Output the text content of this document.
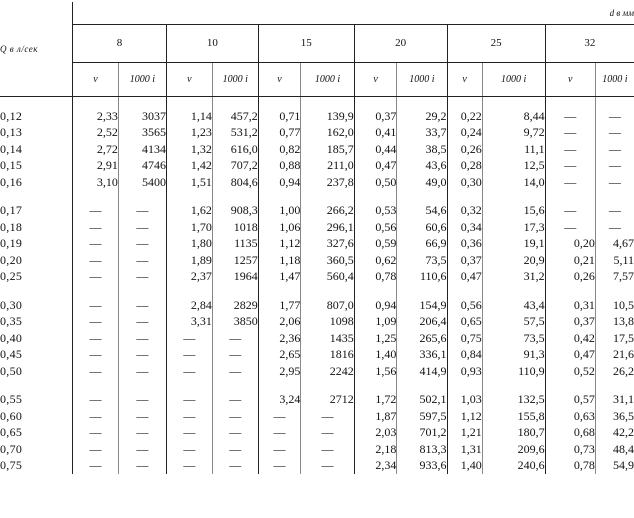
Q в л/сек	d в мм											
	8		10		15		20		25		32	
	v	1000 i	v	1000 i	v	1000 i	v	1000 i	v	1000 i	v	1000 i

0,12	2,33	3037	1,14	457,2	0,71	139,9	0,37	29,2	0,22	8,44	—	—
0,13	2,52	3565	1,23	531,2	0,77	162,0	0,41	33,7	0,24	9,72	—	—
0,14	2,72	4134	1,32	616,0	0,82	185,7	0,44	38,5	0,26	11,1	—	—
0,15	2,91	4746	1,42	707,2	0,88	211,0	0,47	43,6	0,28	12,5	—	—
0,16	3,10	5400	1,51	804,6	0,94	237,8	0,50	49,0	0,30	14,0	—	—

0,17	—	—	1,62	908,3	1,00	266,2	0,53	54,6	0,32	15,6	—	—
0,18	—	—	1,70	1018	1,06	296,1	0,56	60,6	0,34	17,3	—	—
0,19	—	—	1,80	1135	1,12	327,6	0,59	66,9	0,36	19,1	0,20	4,67
0,20	—	—	1,89	1257	1,18	360,5	0,62	73,5	0,37	20,9	0,21	5,11
0,25	—	—	2,37	1964	1,47	560,4	0,78	110,6	0,47	31,2	0,26	7,57

0,30	—	—	2,84	2829	1,77	807,0	0,94	154,9	0,56	43,4	0,31	10,5
0,35	—	—	3,31	3850	2,06	1098	1,09	206,4	0,65	57,5	0,37	13,8
0,40	—	—	—	—	2,36	1435	1,25	265,6	0,75	73,5	0,42	17,5
0,45	—	—	—	—	2,65	1816	1,40	336,1	0,84	91,3	0,47	21,6
0,50	—	—	—	—	2,95	2242	1,56	414,9	0,93	110,9	0,52	26,2

0,55	—	—	—	—	3,24	2712	1,72	502,1	1,03	132,5	0,57	31,1
0,60	—	—	—	—	—	—	1,87	597,5	1,12	155,8	0,63	36,5
0,65	—	—	—	—	—	—	2,03	701,2	1,21	180,7	0,68	42,2
0,70	—	—	—	—	—	—	2,18	813,3	1,31	209,6	0,73	48,4
0,75	—	—	—	—	—	—	2,34	933,6	1,40	240,6	0,78	54,9
